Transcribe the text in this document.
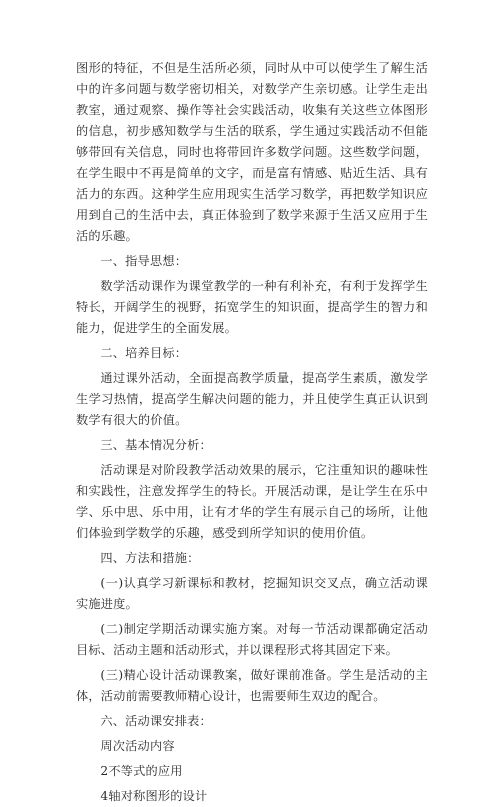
图形的特征，不但是生活所必须，同时从中可以使学生了解生活中的许多问题与数学密切相关，对数学产生亲切感。让学生走出教室，通过观察、操作等社会实践活动，收集有关这些立体图形的信息，初步感知数学与生活的联系，学生通过实践活动不但能够带回有关信息，同时也将带回许多数学问题。这些数学问题，在学生眼中不再是简单的文字，而是富有情感、贴近生活、具有活力的东西。这种学生应用现实生活学习数学，再把数学知识应用到自己的生活中去，真正体验到了数学来源于生活又应用于生活的乐趣。

一、指导思想：

数学活动课作为课堂教学的一种有利补充，有利于发挥学生特长，开阔学生的视野，拓宽学生的知识面，提高学生的智力和能力，促进学生的全面发展。

二、培养目标：

通过课外活动，全面提高教学质量，提高学生素质，激发学生学习热情，提高学生解决问题的能力，并且使学生真正认识到数学有很大的价值。

三、基本情况分析：

活动课是对阶段教学活动效果的展示，它注重知识的趣味性和实践性，注意发挥学生的特长。开展活动课，是让学生在乐中学、乐中思、乐中用，让有才华的学生有展示自己的场所，让他们体验到学数学的乐趣，感受到所学知识的使用价值。

四、方法和措施：

(一)认真学习新课标和教材，挖掘知识交叉点，确立活动课实施进度。

(二)制定学期活动课实施方案。对每一节活动课都确定活动目标、活动主题和活动形式，并以课程形式将其固定下来。

(三)精心设计活动课教案，做好课前准备。学生是活动的主体，活动前需要教师精心设计，也需要师生双边的配合。

六、活动课安排表：

周次活动内容

2不等式的应用

4轴对称图形的设计
